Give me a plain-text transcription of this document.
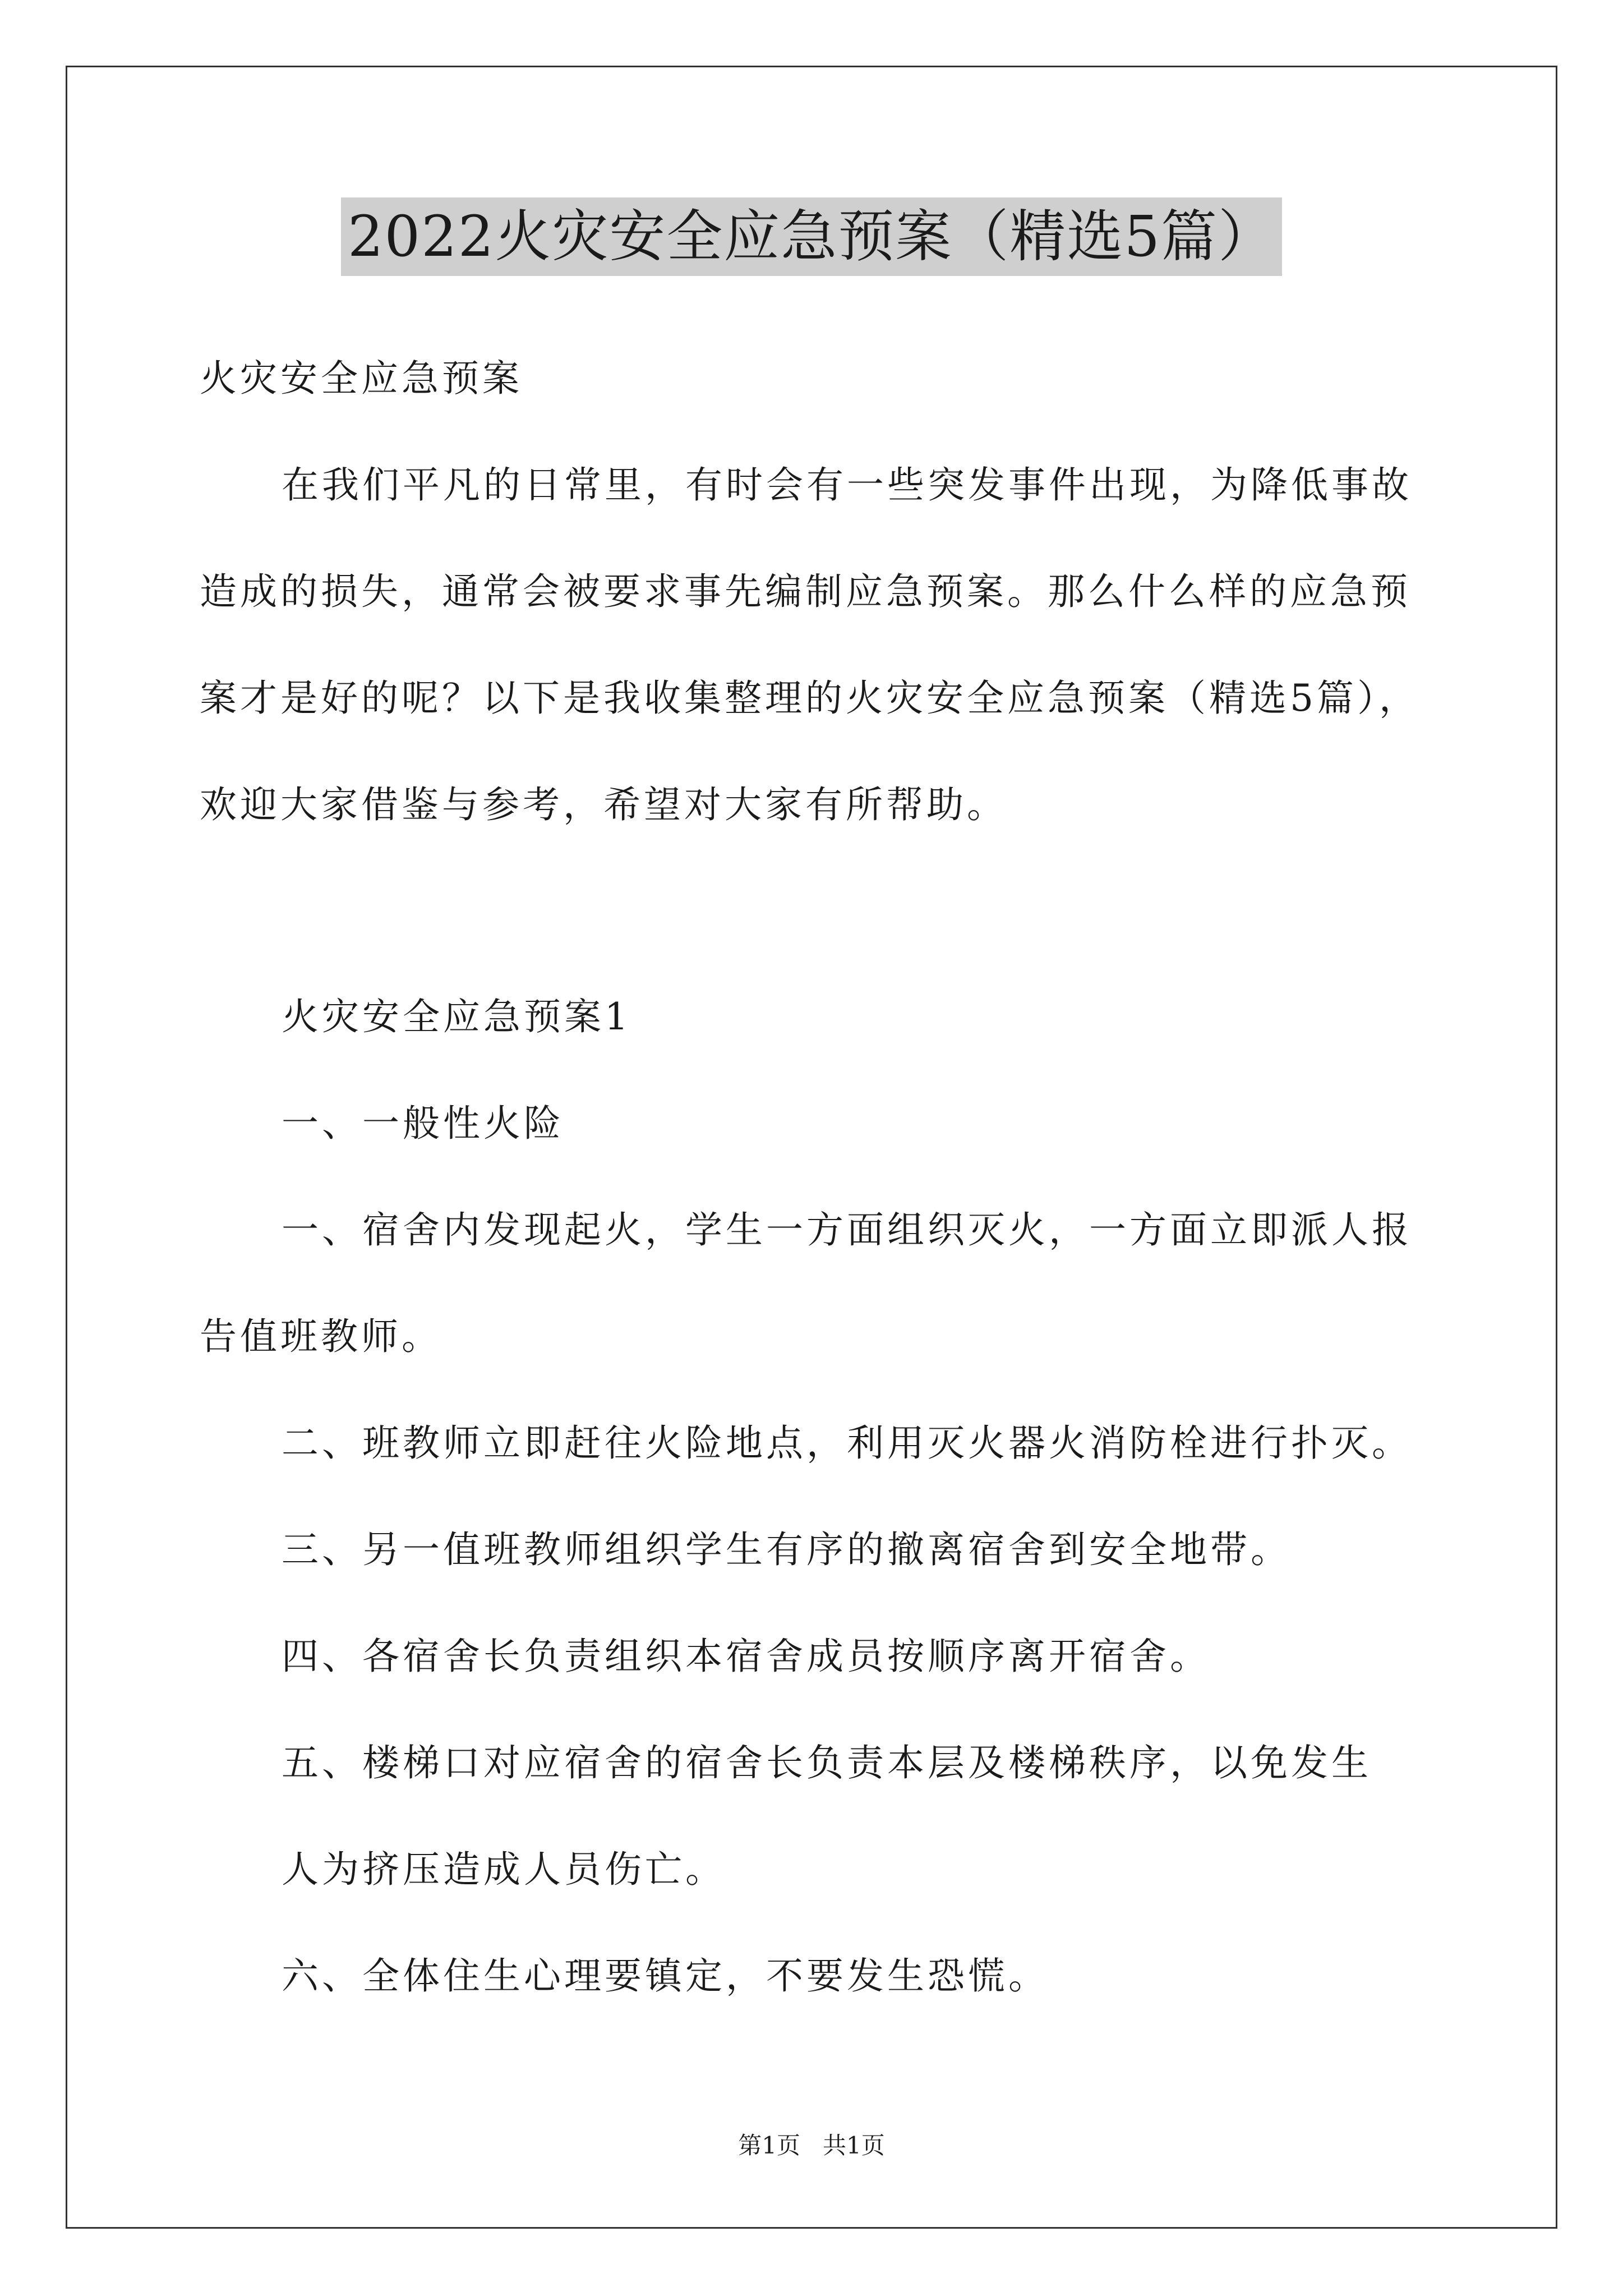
2022火灾安全应急预案（精选5篇）
火灾安全应急预案
在我们平凡的日常里，有时会有一些突发事件出现，为降低事故
造成的损失，通常会被要求事先编制应急预案。那么什么样的应急预
案才是好的呢？以下是我收集整理的火灾安全应急预案（精选5篇），
欢迎大家借鉴与参考，希望对大家有所帮助。
火灾安全应急预案1
一、一般性火险
一、宿舍内发现起火，学生一方面组织灭火，一方面立即派人报
告值班教师。
二、班教师立即赶往火险地点，利用灭火器火消防栓进行扑灭。
三、另一值班教师组织学生有序的撤离宿舍到安全地带。
四、各宿舍长负责组织本宿舍成员按顺序离开宿舍。
五、楼梯口对应宿舍的宿舍长负责本层及楼梯秩序，以免发生
人为挤压造成人员伤亡。
六、全体住生心理要镇定，不要发生恐慌。
第1页   共1页
